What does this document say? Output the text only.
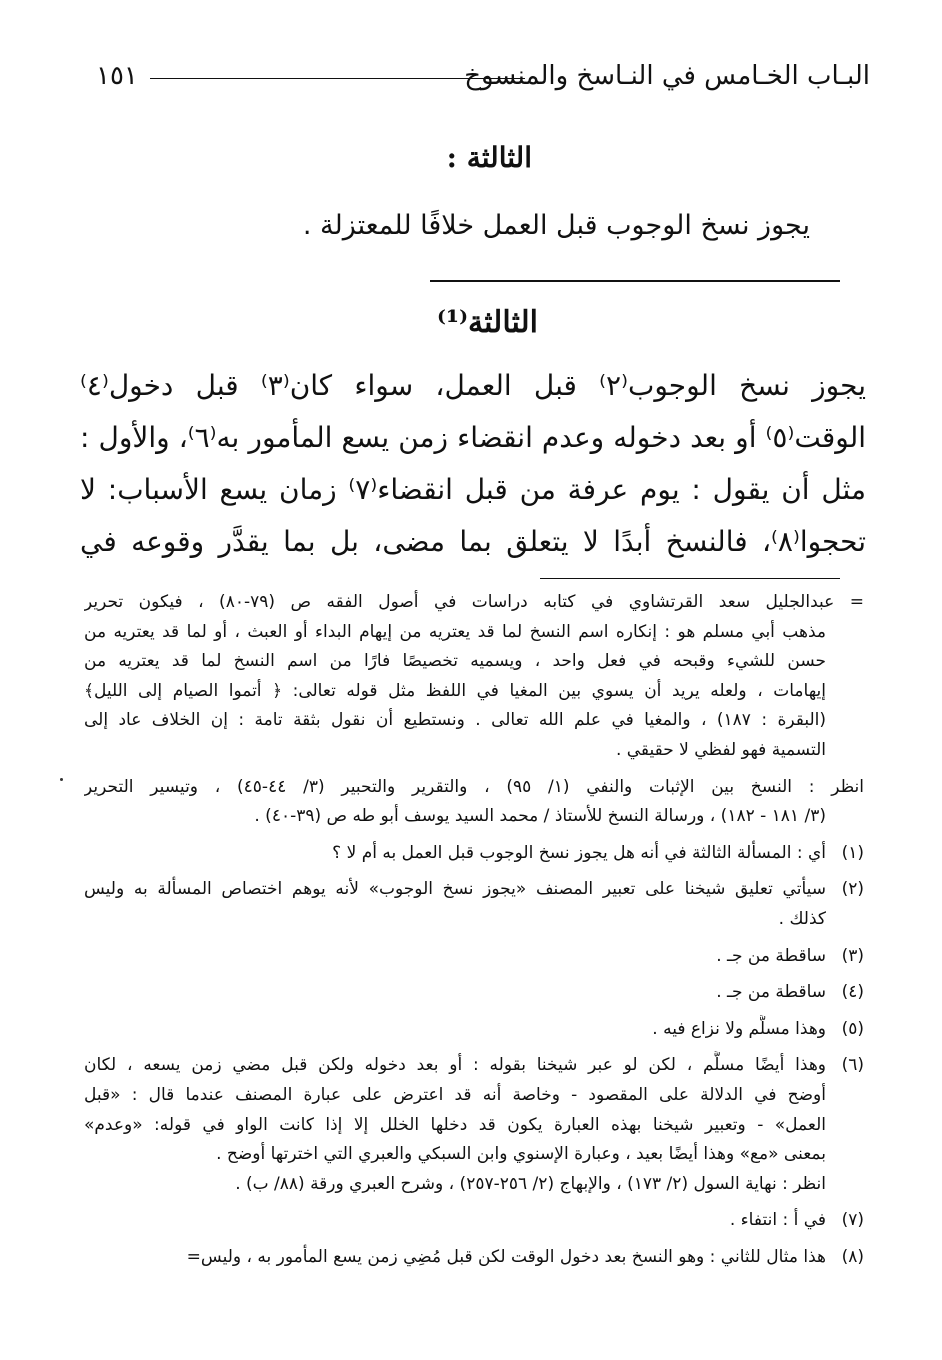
البـاب الخـامس في النـاسخ والمنسوخ
١٥١
الثالثة :
يجوز نسخ الوجوب قبل العمل خلافًا للمعتزلة .
الثالثة⁽¹⁾
يجوز نسخ الوجوب⁽٢⁾ قبل العمل، سواء كان⁽٣⁾ قبل دخول⁽٤⁾
الوقت⁽٥⁾ أو بعد دخوله وعدم انقضاء زمن يسع المأمور به⁽٦⁾، والأول :
مثل أن يقول : يوم عرفة من قبل انقضاء⁽٧⁾ زمان يسع الأسباب: لا
تحجوا⁽٨⁾، فالنسخ أبدًا لا يتعلق بما مضى، بل بما يقدَّر وقوعه في
= عبدالجليل سعد القرتشاوي في كتابه دراسات في أصول الفقه ص (٧٩-٨٠) ، فيكون تحرير
مذهب أبي مسلم هو : إنكاره اسم النسخ لما قد يعتريه من إيهام البداء أو العبث ، أو لما قد يعتريه من
حسن للشيء وقبحه في فعل واحد ، ويسميه تخصيصًا فارًا من اسم النسخ لما قد يعتريه من
إيهامات ، ولعله يريد أن يسوي بين المغيا في اللفظ مثل قوله تعالى: ﴿ أتموا الصيام إلى الليل﴾
(البقرة : ١٨٧) ، والمغيا في علم الله تعالى . ونستطيع أن نقول بثقة تامة : إن الخلاف عاد إلى
التسمية فهو لفظي لا حقيقي .
انظر : النسخ بين الإثبات والنفي (١/ ٩٥) ، والتقرير والتحبير (٣/ ٤٤-٤٥) ، وتيسير التحرير
(٣/ ١٨١ - ١٨٢) ، ورسالة النسخ للأستاذ / محمد السيد يوسف أبو طه ص (٣٩-٤٠) .
(١)
أي : المسألة الثالثة في أنه هل يجوز نسخ الوجوب قبل العمل به أم لا ؟
(٢)
سيأتي تعليق شيخنا على تعبير المصنف «يجوز نسخ الوجوب» لأنه يوهم اختصاص المسألة به وليس
كذلك .
(٣)
ساقطة من جـ .
(٤)
ساقطة من جـ .
(٥)
وهذا مسلَّم ولا نزاع فيه .
(٦)
وهذا أيضًا مسلَّم ، لكن لو عبر شيخنا بقوله : أو بعد دخوله ولكن قبل مضي زمن يسعه ، لكان
أوضح في الدلالة على المقصود - وخاصة أنه قد اعترض على عبارة المصنف عندما قال : «قبل
العمل» - وتعبير شيخنا بهذه العبارة يكون قد دخلها الخلل إلا إذا كانت الواو في قوله: «وعدم»
بمعنى «مع» وهذا أيضًا بعيد ، وعبارة الإسنوي وابن السبكي والعبري التي اخترتها أوضح .
انظر : نهاية السول (٢/ ١٧٣) ، والإبهاج (٢/ ٢٥٦-٢٥٧) ، وشرح العبري ورقة (٨٨/ ب) .
(٧)
في أ : انتفاء .
(٨)
هذا مثال للثاني : وهو النسخ بعد دخول الوقت لكن قبل مُضِي زمن يسع المأمور به ، وليس=
